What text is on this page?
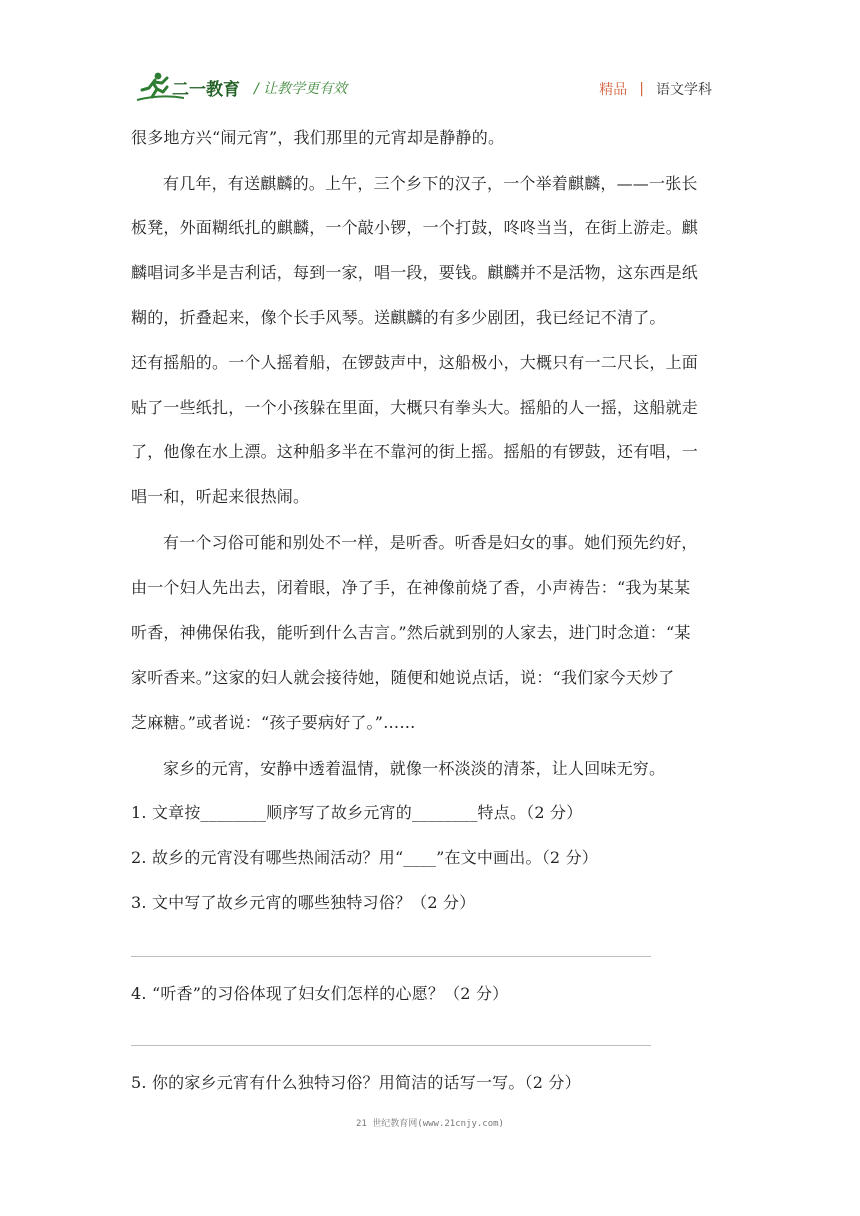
二一教育 / 让教学更有效	精品 | 语文学科
很多地方兴“闹元宵”，我们那里的元宵却是静静的。
有几年，有送麒麟的。上午，三个乡下的汉子，一个举着麒麟，——一张长
板凳，外面糊纸扎的麒麟，一个敲小锣，一个打鼓，咚咚当当，在街上游走。麒
麟唱词多半是吉利话，每到一家，唱一段，要钱。麒麟并不是活物，这东西是纸
糊的，折叠起来，像个长手风琴。送麒麟的有多少剧团，我已经记不清了。
还有摇船的。一个人摇着船，在锣鼓声中，这船极小，大概只有一二尺长，上面
贴了一些纸扎，一个小孩躲在里面，大概只有拳头大。摇船的人一摇，这船就走
了，他像在水上漂。这种船多半在不靠河的街上摇。摇船的有锣鼓，还有唱，一
唱一和，听起来很热闹。
有一个习俗可能和别处不一样，是听香。听香是妇女的事。她们预先约好，
由一个妇人先出去，闭着眼，净了手，在神像前烧了香，小声祷告：“我为某某
听香，神佛保佑我，能听到什么吉言。”然后就到别的人家去，进门时念道：“某
家听香来。”这家的妇人就会接待她，随便和她说点话，说：“我们家今天炒了
芝麻糖。”或者说：“孩子要病好了。”……
家乡的元宵，安静中透着温情，就像一杯淡淡的清茶，让人回味无穷。
1. 文章按________顺序写了故乡元宵的________特点。（2 分）
2. 故乡的元宵没有哪些热闹活动？用“____”在文中画出。（2 分）
3. 文中写了故乡元宵的哪些独特习俗？（2 分）
4. “听香”的习俗体现了妇女们怎样的心愿？（2 分）
5. 你的家乡元宵有什么独特习俗？用简洁的话写一写。（2 分）
21 世纪教育网(www.21cnjy.com)
